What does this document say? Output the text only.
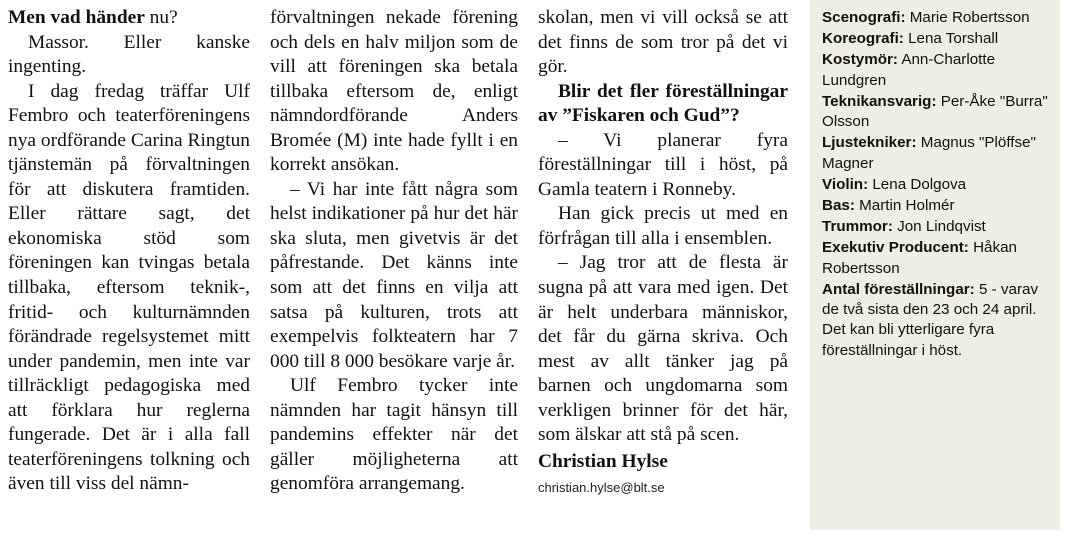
Men vad händer nu?

Massor. Eller kanske ingenting.

I dag fredag träffar Ulf Fembro och teaterföreningens nya ordförande Carina Ringtun tjänstemän på förvaltningen för att diskutera framtiden. Eller rättare sagt, det ekonomiska stöd som föreningen kan tvingas betala tillbaka, eftersom teknik-, fritid- och kulturnämnden förändrade regelsystemet mitt under pandemin, men inte var tillräckligt pedagogiska med att förklara hur reglerna fungerade. Det är i alla fall teaterföreningens tolkning och även till viss del nämn-

förvaltningen nekade förening och dels en halv miljon som de vill att föreningen ska betala tillbaka eftersom de, enligt nämndordförande Anders Bromée (M) inte hade fyllt i en korrekt ansökan.

– Vi har inte fått några som helst indikationer på hur det här ska sluta, men givetvis är det påfrestande. Det känns inte som att det finns en vilja att satsa på kulturen, trots att exempelvis folkteatern har 7 000 till 8 000 besökare varje år.

Ulf Fembro tycker inte nämnden har tagit hänsyn till pandemins effekter när det gäller möjligheterna att genomföra arrangemang.

skolan, men vi vill också se att det finns de som tror på det vi gör.

Blir det fler föreställningar av ”Fiskaren och Gud”?

– Vi planerar fyra föreställningar till i höst, på Gamla teatern i Ronneby.

Han gick precis ut med en förfrågan till alla i ensemblen.

– Jag tror att de flesta är sugna på att vara med igen. Det är helt underbara människor, det får du gärna skriva. Och mest av allt tänker jag på barnen och ungdomarna som verkligen brinner för det här, som älskar att stå på scen.

Christian Hylse

christian.hylse@blt.se

Scenografi: Marie Robertsson
Koreografi: Lena Torshall
Kostymör: Ann-Charlotte Lundgren
Teknikansvarig: Per-Åke "Burra" Olsson
Ljustekniker: Magnus "Plöffse" Magner
Violin: Lena Dolgova
Bas: Martin Holmér
Trummor: Jon Lindqvist
Exekutiv Producent: Håkan Robertsson
Antal föreställningar: 5 - varav de två sista den 23 och 24 april. Det kan bli ytterligare fyra föreställningar i höst.
